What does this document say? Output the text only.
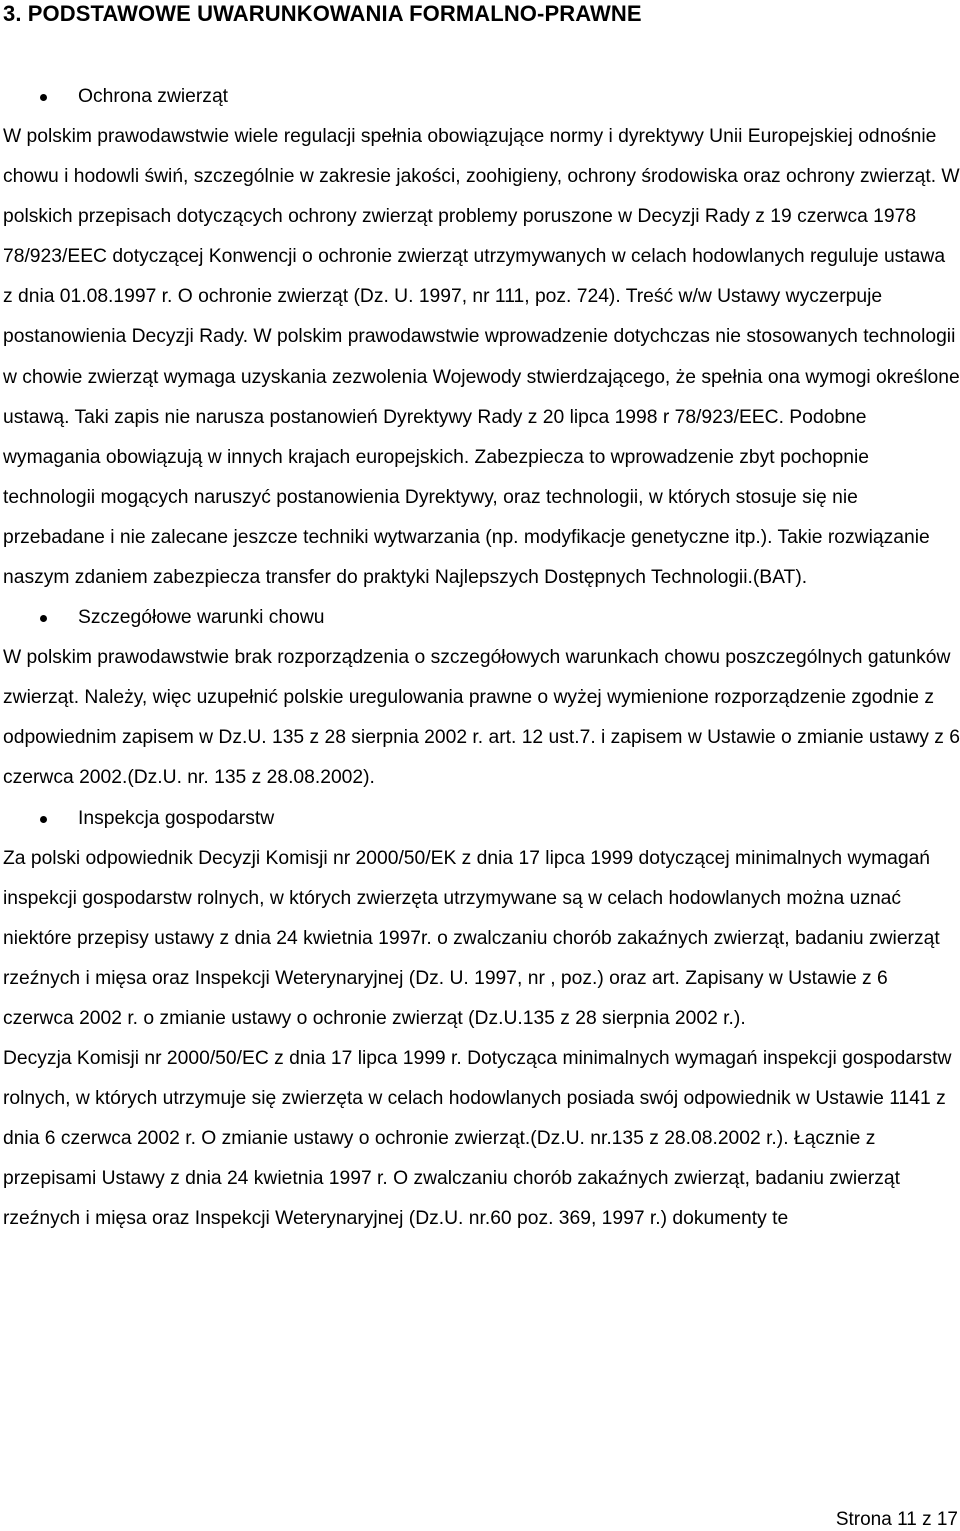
3. PODSTAWOWE UWARUNKOWANIA FORMALNO-PRAWNE
Ochrona zwierząt

W polskim prawodawstwie wiele regulacji spełnia obowiązujące normy i dyrektywy Unii Europejskiej odnośnie chowu i hodowli świń, szczególnie w zakresie jakości, zoohigieny, ochrony środowiska oraz ochrony zwierząt. W polskich przepisach dotyczących ochrony zwierząt problemy poruszone w Decyzji Rady z 19 czerwca 1978 78/923/EEC dotyczącej Konwencji o ochronie zwierząt utrzymywanych w celach hodowlanych reguluje ustawa z dnia 01.08.1997 r. O ochronie zwierząt (Dz. U. 1997, nr 111, poz. 724). Treść w/w Ustawy wyczerpuje postanowienia Decyzji Rady. W polskim prawodawstwie wprowadzenie dotychczas nie stosowanych technologii w chowie zwierząt wymaga uzyskania zezwolenia Wojewody stwierdzającego, że spełnia ona wymogi określone ustawą. Taki zapis nie narusza postanowień Dyrektywy Rady z 20 lipca 1998 r 78/923/EEC. Podobne wymagania obowiązują w innych krajach europejskich. Zabezpiecza to wprowadzenie zbyt pochopnie technologii mogących naruszyć postanowienia Dyrektywy, oraz technologii, w których stosuje się nie przebadane i nie zalecane jeszcze techniki wytwarzania (np. modyfikacje genetyczne itp.). Takie rozwiązanie naszym zdaniem zabezpiecza transfer do praktyki Najlepszych Dostępnych Technologii.(BAT).

Szczegółowe warunki chowu

W polskim prawodawstwie brak rozporządzenia o szczegółowych warunkach chowu poszczególnych gatunków zwierząt. Należy, więc uzupełnić polskie uregulowania prawne o wyżej wymienione rozporządzenie zgodnie z odpowiednim zapisem w Dz.U. 135 z 28 sierpnia 2002 r. art. 12 ust.7. i zapisem w Ustawie o zmianie ustawy z 6 czerwca 2002.(Dz.U. nr. 135 z 28.08.2002).

Inspekcja gospodarstw

Za polski odpowiednik Decyzji Komisji nr 2000/50/EK z dnia 17 lipca 1999 dotyczącej minimalnych wymagań inspekcji gospodarstw rolnych, w których zwierzęta utrzymywane są w celach hodowlanych można uznać niektóre przepisy ustawy z dnia 24 kwietnia 1997r. o zwalczaniu chorób zakaźnych zwierząt, badaniu zwierząt rzeźnych i mięsa oraz Inspekcji Weterynaryjnej (Dz. U. 1997, nr , poz.) oraz art. Zapisany w Ustawie z 6 czerwca 2002 r. o zmianie ustawy o ochronie zwierząt (Dz.U.135 z 28 sierpnia 2002 r.).

Decyzja Komisji nr 2000/50/EC z dnia 17 lipca 1999 r. Dotycząca minimalnych wymagań inspekcji gospodarstw rolnych, w których utrzymuje się zwierzęta w celach hodowlanych posiada swój odpowiednik w Ustawie 1141 z dnia 6 czerwca 2002 r. O zmianie ustawy o ochronie zwierząt.(Dz.U. nr.135 z 28.08.2002 r.). Łącznie z przepisami Ustawy z dnia 24 kwietnia 1997 r. O zwalczaniu chorób zakaźnych zwierząt, badaniu zwierząt rzeźnych i mięsa oraz Inspekcji Weterynaryjnej (Dz.U. nr.60 poz. 369, 1997 r.) dokumenty te

Strona 11 z 17
